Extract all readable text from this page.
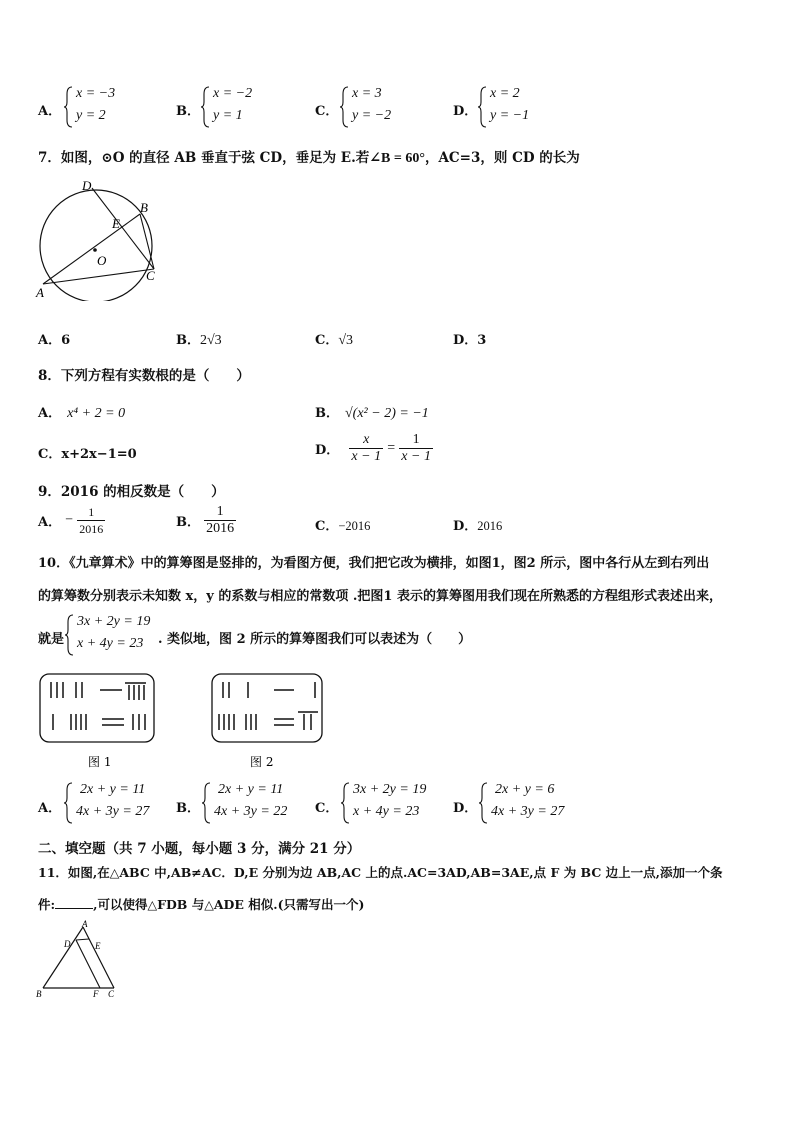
A．
x = −3
y = 2	B．
x = −2
y = 1	C．
x = 3
y = −2	D．
x = 2
y = −1
7．如图，⊙O 的直径 AB 垂直于弦 CD，垂足为 E.若∠B = 60°，AC=3，则 CD 的长为
D
B
E
O
A
C
A．6	B．2√3	C．√3	D．3
8．下列方程有实数根的是（　　）
A． x⁴ + 2 = 0	B． √(x² − 2) = −1
C．x+2x−1=0	D． $\frac{x}{x - 1} = \frac{1}{x - 1}$
9．2016 的相反数是（　　）
A． − $\frac{1}{2016}$	B． $\frac{1}{2016}$	C．−2016	D．2016
10．《九章算术》中的算筹图是竖排的，为看图方便，我们把它改为横排，如图1，图2 所示，图中各行从左到右列出
的算筹数分别表示未知数 x，y 的系数与相应的常数项 .把图1 表示的算筹图用我们现在所熟悉的方程组形式表述出来，
就是
3x + 2y = 19
x + 4y = 23 . 类似地，图 2 所示的算筹图我们可以表述为（　　）
图 1	图 2
A．
2x + y = 11
4x + 3y = 27 B．
2x + y = 11
4x + 3y = 22 C．
3x + 2y = 19
x + 4y = 23	D．
2x + y = 6
4x + 3y = 27
二、填空题（共 7 小题，每小题 3 分，满分 21 分）
11．如图,在△ABC 中,AB≠AC．D,E 分别为边 AB,AC 上的点.AC=3AD,AB=3AE,点 F 为 BC 边上一点,添加一个条
件:	,可以使得△FDB 与△ADE 相似.(只需写出一个)
A
D	E
B	F C
